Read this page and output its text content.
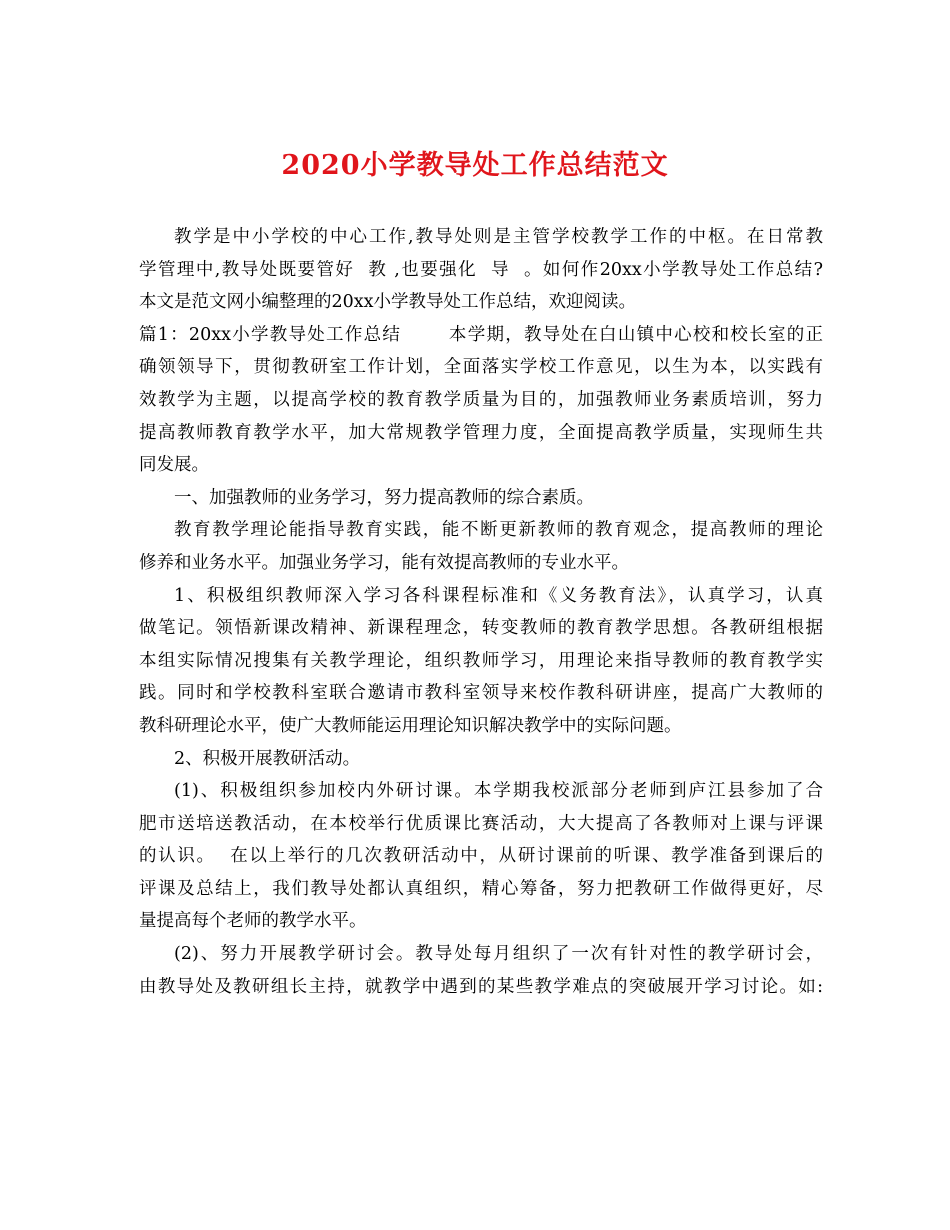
2020小学教导处工作总结范文
教学是中小学校的中心工作,教导处则是主管学校教学工作的中枢。在日常教
学管理中,教导处既要管好  教 ,也要强化  导  。如何作20xx小学教导处工作总结?
本文是范文网小编整理的20xx小学教导处工作总结，欢迎阅读。
篇1：20xx小学教导处工作总结       本学期，教导处在白山镇中心校和校长室的正
确领领导下，贯彻教研室工作计划，全面落实学校工作意见，以生为本，以实践有
效教学为主题，以提高学校的教育教学质量为目的，加强教师业务素质培训，努力
提高教师教育教学水平，加大常规教学管理力度，全面提高教学质量，实现师生共
同发展。
一、加强教师的业务学习，努力提高教师的综合素质。
教育教学理论能指导教育实践，能不断更新教师的教育观念，提高教师的理论
修养和业务水平。加强业务学习，能有效提高教师的专业水平。
1、积极组织教师深入学习各科课程标准和《义务教育法》，认真学习，认真
做笔记。领悟新课改精神、新课程理念，转变教师的教育教学思想。各教研组根据
本组实际情况搜集有关教学理论，组织教师学习，用理论来指导教师的教育教学实
践。同时和学校教科室联合邀请市教科室领导来校作教科研讲座，提高广大教师的
教科研理论水平，使广大教师能运用理论知识解决教学中的实际问题。
2、积极开展教研活动。
(1)、积极组织参加校内外研讨课。本学期我校派部分老师到庐江县参加了合
肥市送培送教活动，在本校举行优质课比赛活动，大大提高了各教师对上课与评课
的认识。  在以上举行的几次教研活动中，从研讨课前的听课、教学准备到课后的
评课及总结上，我们教导处都认真组织，精心筹备，努力把教研工作做得更好，尽
量提高每个老师的教学水平。
(2)、努力开展教学研讨会。教导处每月组织了一次有针对性的教学研讨会，
由教导处及教研组长主持，就教学中遇到的某些教学难点的突破展开学习讨论。如:
